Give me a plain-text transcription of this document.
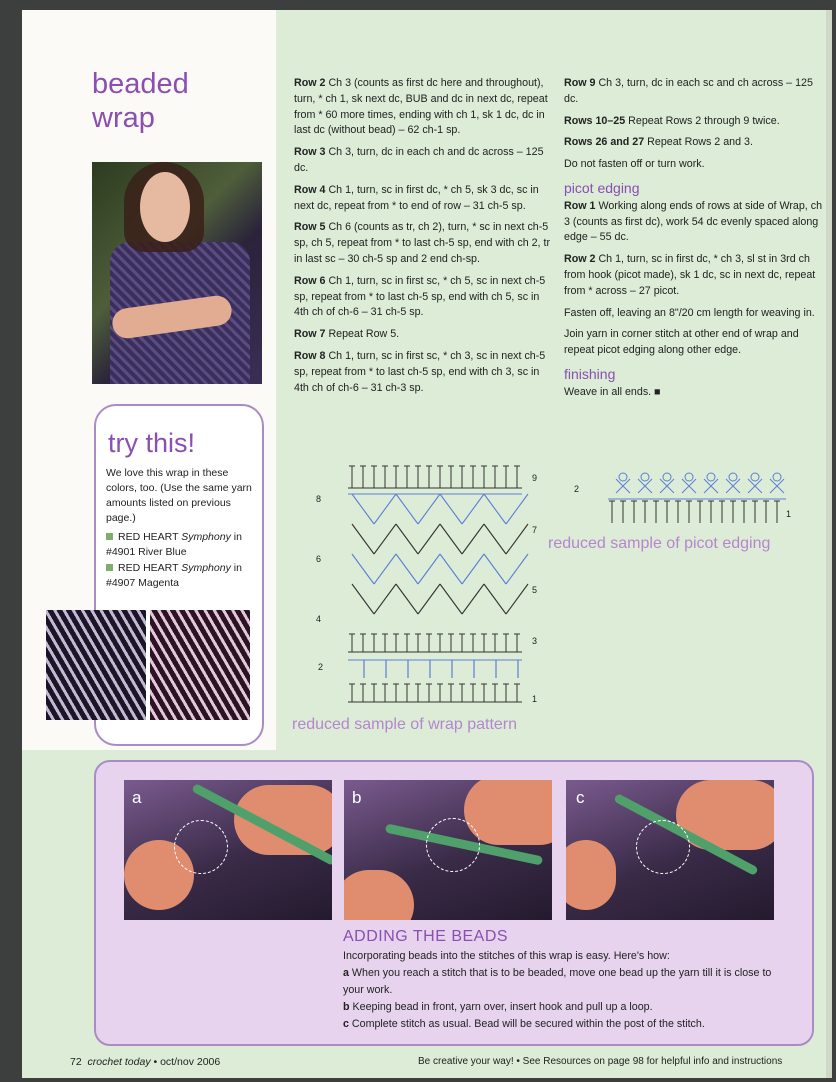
beaded
wrap
try this!
We love this wrap in these colors, too. (Use the same yarn amounts listed on previous page.)
RED HEART Symphony in
#4901 River Blue
RED HEART Symphony in
#4907 Magenta

Row 2 Ch 3 (counts as first dc here and throughout), turn, * ch 1, sk next dc, BUB and dc in next dc, repeat from * 60 more times, ending with ch 1, sk 1 dc, dc in last dc (without bead) – 62 ch-1 sp.

Row 3 Ch 3, turn, dc in each ch and dc across – 125 dc.

Row 4 Ch 1, turn, sc in first dc, * ch 5, sk 3 dc, sc in next dc, repeat from * to end of row – 31 ch-5 sp.

Row 5 Ch 6 (counts as tr, ch 2), turn, * sc in next ch-5 sp, ch 5, repeat from * to last ch-5 sp, end with ch 2, tr in last sc – 30 ch-5 sp and 2 end ch-sp.

Row 6 Ch 1, turn, sc in first sc, * ch 5, sc in next ch-5 sp, repeat from * to last ch-5 sp, end with ch 5, sc in 4th ch of ch-6 – 31 ch-5 sp.

Row 7 Repeat Row 5.

Row 8 Ch 1, turn, sc in first sc, * ch 3, sc in next ch-5 sp, repeat from * to last ch-5 sp, end with ch 3, sc in 4th ch of ch-6 – 31 ch-3 sp.

Row 9 Ch 3, turn, dc in each sc and ch across – 125 dc.

Rows 10–25 Repeat Rows 2 through 9 twice.

Rows 26 and 27 Repeat Rows 2 and 3.

Do not fasten off or turn work.

picot edging

Row 1 Working along ends of rows at side of Wrap, ch 3 (counts as first dc), work 54 dc evenly spaced along edge – 55 dc.

Row 2 Ch 1, turn, sc in first dc, * ch 3, sl st in 3rd ch from hook (picot made), sk 1 dc, sc in next dc, repeat from * across – 27 picot.

Fasten off, leaving an 8"/20 cm length for weaving in.

Join yarn in corner stitch at other end of wrap and repeat picot edging along other edge.

finishing

Weave in all ends. ■

9
7
5
3
1
8
6
4
2
reduced sample of wrap pattern
2
1
reduced sample of picot edging
a	b	c
ADDING THE BEADS
Incorporating beads into the stitches of this wrap is easy. Here's how:
a When you reach a stitch that is to be beaded, move one bead up the yarn till it is close to your work.
b Keeping bead in front, yarn over, insert hook and pull up a loop.
c Complete stitch as usual. Bead will be secured within the post of the stitch.
72 crochet today • oct/nov 2006	Be creative your way! • See Resources on page 98 for helpful info and instructions
